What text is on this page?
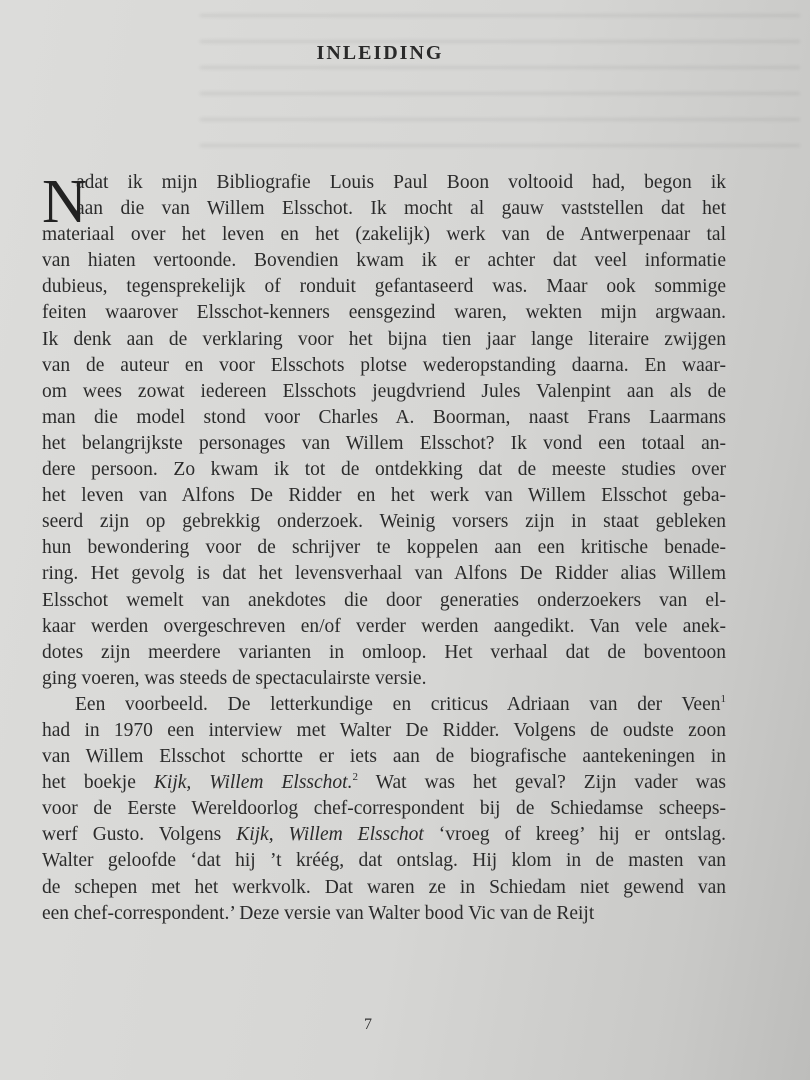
INLEIDING
N
adat ik mijn Bibliografie Louis Paul Boon voltooid had, begon ik
aan die van Willem Elsschot. Ik mocht al gauw vaststellen dat het
materiaal over het leven en het (zakelijk) werk van de Antwerpenaar tal
van hiaten vertoonde. Bovendien kwam ik er achter dat veel informatie
dubieus, tegensprekelijk of ronduit gefantaseerd was. Maar ook sommige
feiten waarover Elsschot-kenners eensgezind waren, wekten mijn argwaan.
Ik denk aan de verklaring voor het bijna tien jaar lange literaire zwijgen
van de auteur en voor Elsschots plotse wederopstanding daarna. En waar-
om wees zowat iedereen Elsschots jeugdvriend Jules Valenpint aan als de
man die model stond voor Charles A. Boorman, naast Frans Laarmans
het belangrijkste personages van Willem Elsschot? Ik vond een totaal an-
dere persoon. Zo kwam ik tot de ontdekking dat de meeste studies over
het leven van Alfons De Ridder en het werk van Willem Elsschot geba-
seerd zijn op gebrekkig onderzoek. Weinig vorsers zijn in staat gebleken
hun bewondering voor de schrijver te koppelen aan een kritische benade-
ring. Het gevolg is dat het levensverhaal van Alfons De Ridder alias Willem
Elsschot wemelt van anekdotes die door generaties onderzoekers van el-
kaar werden overgeschreven en/of verder werden aangedikt. Van vele anek-
dotes zijn meerdere varianten in omloop. Het verhaal dat de boventoon
ging voeren, was steeds de spectaculairste versie.
Een voorbeeld. De letterkundige en criticus Adriaan van der Veen$^1$
had in 1970 een interview met Walter De Ridder. Volgens de oudste zoon
van Willem Elsschot schortte er iets aan de biografische aantekeningen in
het boekje Kijk, Willem Elsschot.$^2$ Wat was het geval? Zijn vader was
voor de Eerste Wereldoorlog chef-correspondent bij de Schiedamse scheeps-
werf Gusto. Volgens Kijk, Willem Elsschot ‘vroeg of kreeg’ hij er ontslag.
Walter geloofde ‘dat hij ’t kréég, dat ontslag. Hij klom in de masten van
de schepen met het werkvolk. Dat waren ze in Schiedam niet gewend van
een chef-correspondent.’ Deze versie van Walter bood Vic van de Reijt
7
